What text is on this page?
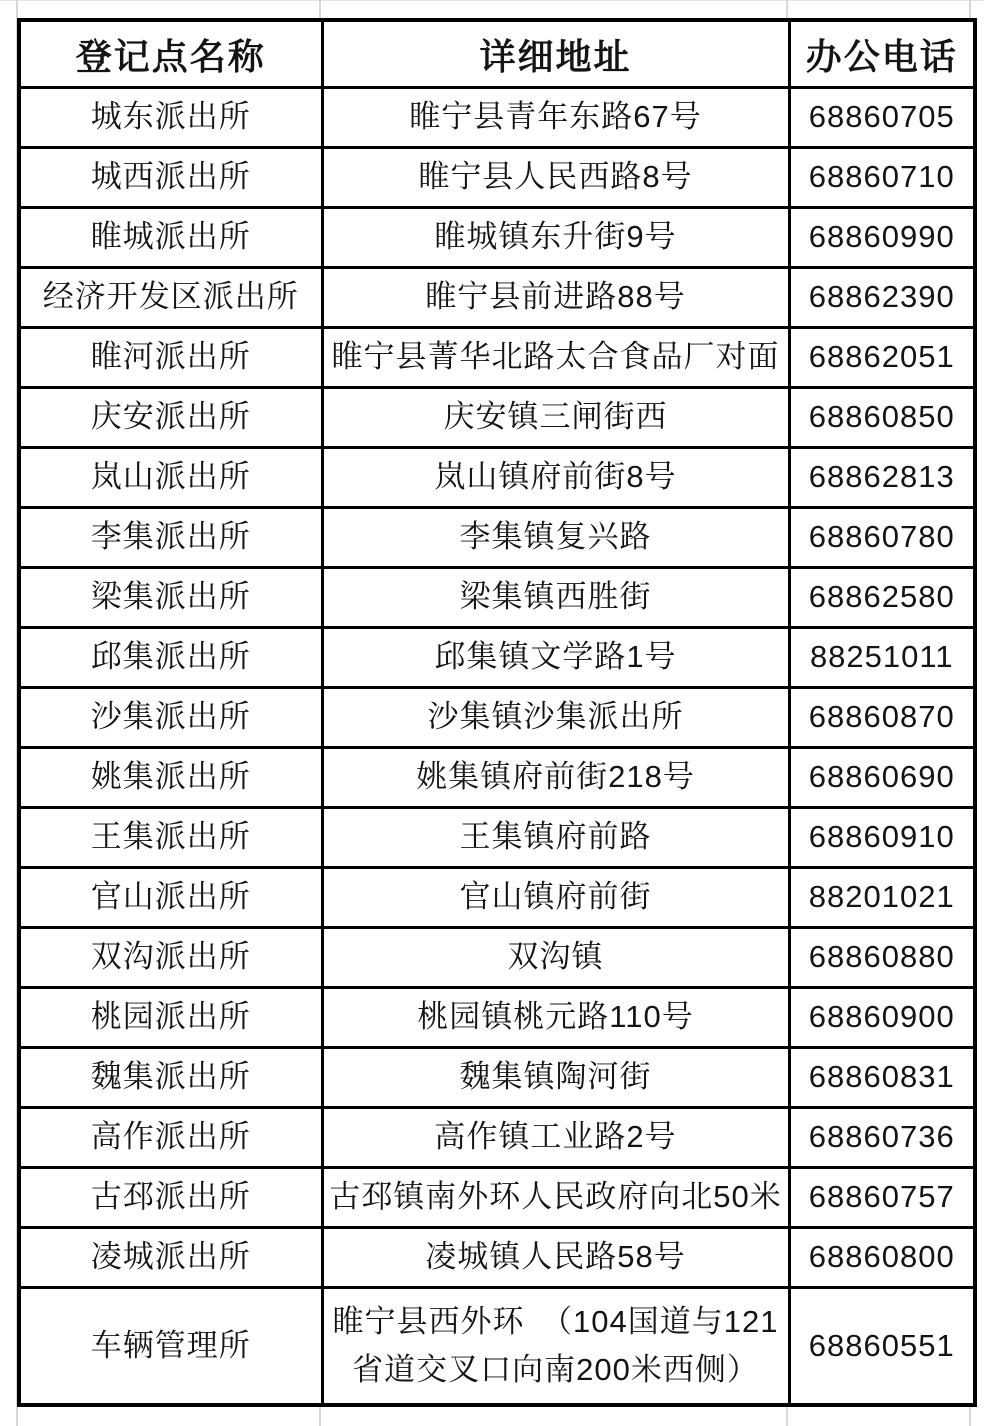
登记点名称	详细地址	办公电话
城东派出所	睢宁县青年东路67号	68860705
城西派出所	睢宁县人民西路8号	68860710
睢城派出所	睢城镇东升街9号	68860990
经济开发区派出所	睢宁县前进路88号	68862390
睢河派出所	睢宁县菁华北路太合食品厂对面	68862051
庆安派出所	庆安镇三闸街西	68860850
岚山派出所	岚山镇府前街8号	68862813
李集派出所	李集镇复兴路	68860780
梁集派出所	梁集镇西胜街	68862580
邱集派出所	邱集镇文学路1号	88251011
沙集派出所	沙集镇沙集派出所	68860870
姚集派出所	姚集镇府前街218号	68860690
王集派出所	王集镇府前路	68860910
官山派出所	官山镇府前街	88201021
双沟派出所	双沟镇	68860880
桃园派出所	桃园镇桃元路110号	68860900
魏集派出所	魏集镇陶河街	68860831
高作派出所	高作镇工业路2号	68860736
古邳派出所	古邳镇南外环人民政府向北50米	68860757
凌城派出所	凌城镇人民路58号	68860800
车辆管理所	睢宁县西外环　（104国道与121省道交叉口向南200米西侧）	68860551
